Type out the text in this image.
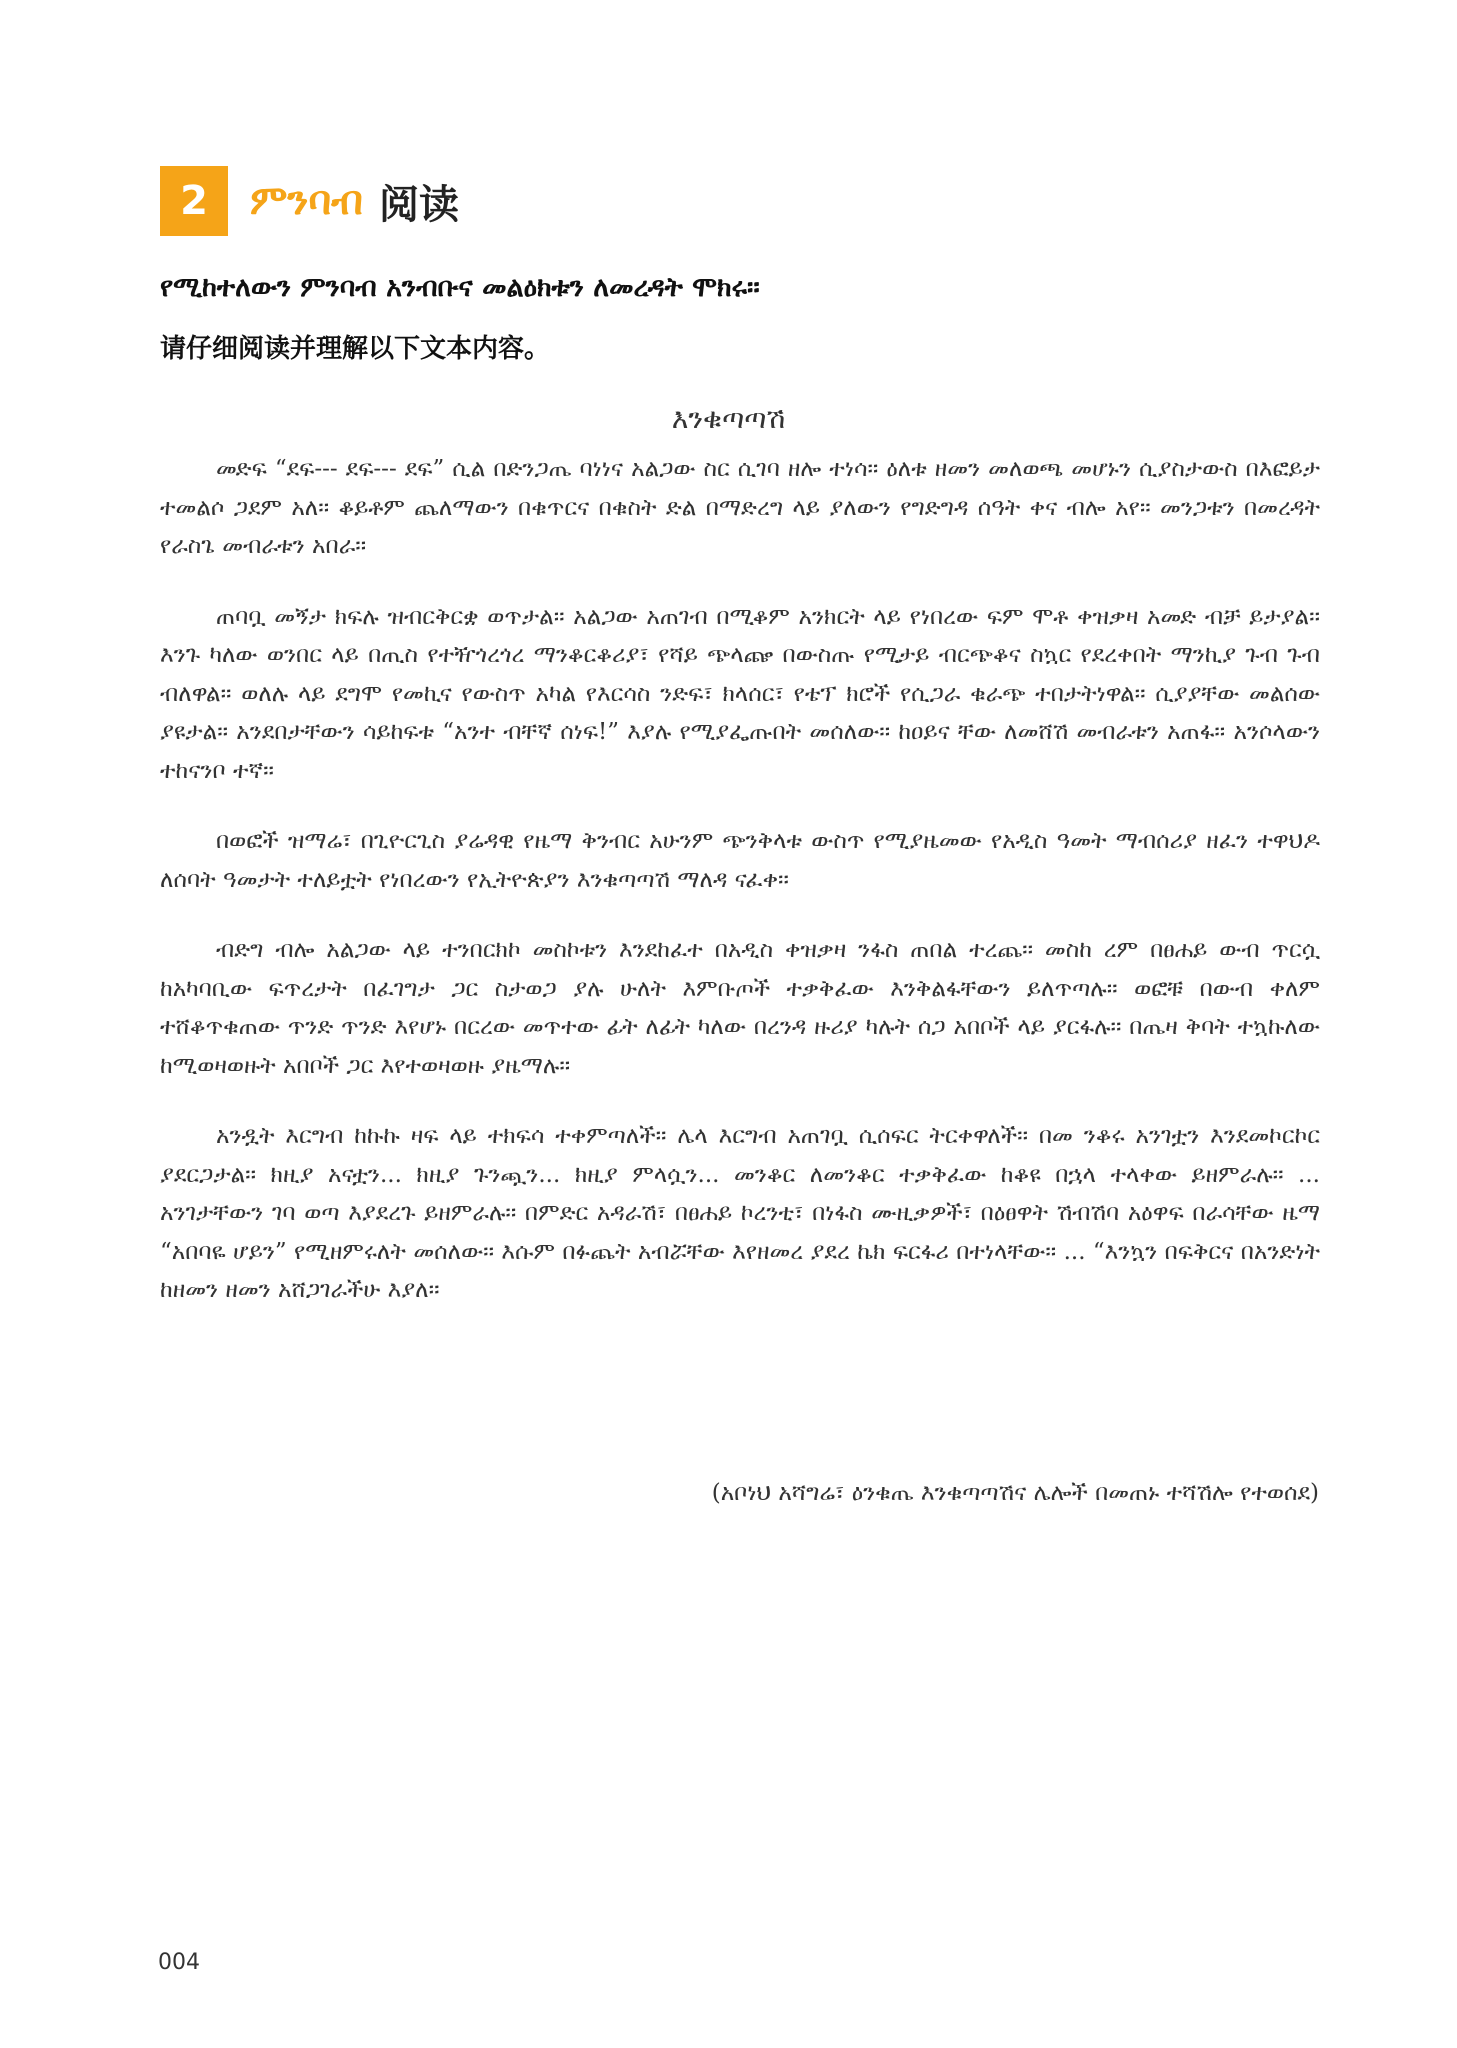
2	ምንባብ 阅读
የሚከተለውን ምንባብ አንብቡና መልዕክቱን ለመረዳት ሞክሩ፡፡
请仔细阅读并理解以下文本内容。
እንቁጣጣሽ

መድፍ “ደፍ--- ደፍ--- ደፍ” ሲል በድንጋጤ ባነነና አልጋው ስር ሲገባ ዘሎ ተነሳ፡፡ ዕለቱ ዘመን መለወጫ መሆኑን ሲያስታውስ በእፎይታ ተመልሶ ጋደም አለ፡፡ ቆይቶም ጨለማውን በቁጥርና በቁስት ድል በማድረግ ላይ ያለውን የግድግዳ ሰዓት ቀና ብሎ አየ፡፡ መንጋቱን በመረዳት የራስጌ መብራቱን አበራ፡፡

ጠባቧ መኝታ ክፍሉ ዝብርቅርቋ ወጥታል፡፡ አልጋው አጠገብ በሚቆም አንክርት ላይ የነበረው ፍም ሞቶ ቀዝቃዛ አመድ ብቻ ይታያል፡፡ እንጉ ካለው ወንበር ላይ በጢስ የተዥጎረጎረ ማንቆርቆሪያ፣ የሻይ ጭላጬ በውስጡ የሚታይ ብርጭቆና ስኳር የደረቀበት ማንኪያ ጉብ ጉብ ብለዋል፡፡ ወለሉ ላይ ደግሞ የመኪና የውስጥ አካል የእርሳስ ንድፍ፣ ክላሰር፣ የቴፕ ክሮች የሲጋራ ቁራጭ ተበታትነዋል፡፡ ሲያያቸው መልሰው ያዩታል፡፡ አንደበታቸውን ሳይከፍቱ “አንተ ብቸኛ ሰነፍ!” እያሉ የሚያፌጡበት መሰለው፡፡ ከዐይና ቸው ለመሸሽ መብራቱን አጠፋ፡፡ አንሶላውን ተከናንቦ ተኛ፡፡

በወፎች ዝማሬ፣ በጊዮርጊስ ያሬዳዊ የዜማ ቅንብር አሁንም ጭንቅላቱ ውስጥ የሚያዜመው የአዲስ ዓመት ማብሰሪያ ዘፈን ተዋህዶ ለሰባት ዓመታት ተለይቷት የነበረውን የኢትዮጵያን እንቁጣጣሽ ማለዳ ናፈቀ፡፡

ብድግ ብሎ አልጋው ላይ ተንበርክኮ መስኮቱን እንደከፈተ በአዲስ ቀዝቃዛ ንፋስ ጠበል ተረጨ፡፡ መስከ ረም በፀሐይ ውብ ጥርሷ ከአካባቢው ፍጥረታት በፈገግታ ጋር ስታወጋ ያሉ ሁለት እምቡጦች ተቃቅፈው እንቅልፋቸውን ይለጥጣሉ፡፡ ወፎቹ በውብ ቀለም ተሸቆጥቁጠው ጥንድ ጥንድ እየሆኑ በርረው መጥተው ፊት ለፊት ካለው በረንዳ ዙሪያ ካሉት ሰጋ አበቦች ላይ ያርፋሉ፡፡ በጤዛ ቅባት ተኳኩለው ከሚወዛወዙት አበቦች ጋር እየተወዛወዙ ያዜማሉ፡፡

አንዷት እርግብ ከኩኩ ዛፍ ላይ ተክፍሳ ተቀምጣለች፡፡ ሌላ እርግብ አጠገቧ ሲሰፍር ትርቀዋለች፡፡ በመ ንቆሩ አንገቷን እንደመኮርኮር ያደርጋታል፡፡ ክዚያ አናቷን... ክዚያ ጉንጯን... ክዚያ ምላሷን... መንቆር ለመንቆር ተቃቅፈው ከቆዩ በኋላ ተላቀው ይዘምራሉ፡፡ ... አንገታቸውን ገባ ወጣ እያደረጉ ይዘምራሉ፡፡ በምድር አዳራሽ፣ በፀሐይ ኮረንቲ፣ በነፋስ ሙዚቃዎች፣ በዕፀዋት ሽብሽባ አዕዋፍ በራሳቸው ዜማ “አበባዬ ሆይን” የሚዘምሩለት መሰለው፡፡ እሱም በፉጨት አብሯቸው እየዘመረ ያደረ ኬክ ፍርፋሪ በተነላቸው፡፡ ... “እንኳን በፍቅርና በአንድነት ከዘመን ዘመን አሸጋገራችሁ እያለ፡፡

(አቦነህ አሻግሬ፣ ዕንቁጤ እንቁጣጣሽና ሌሎች በመጠኑ ተሻሽሎ የተወሰደ)
004
